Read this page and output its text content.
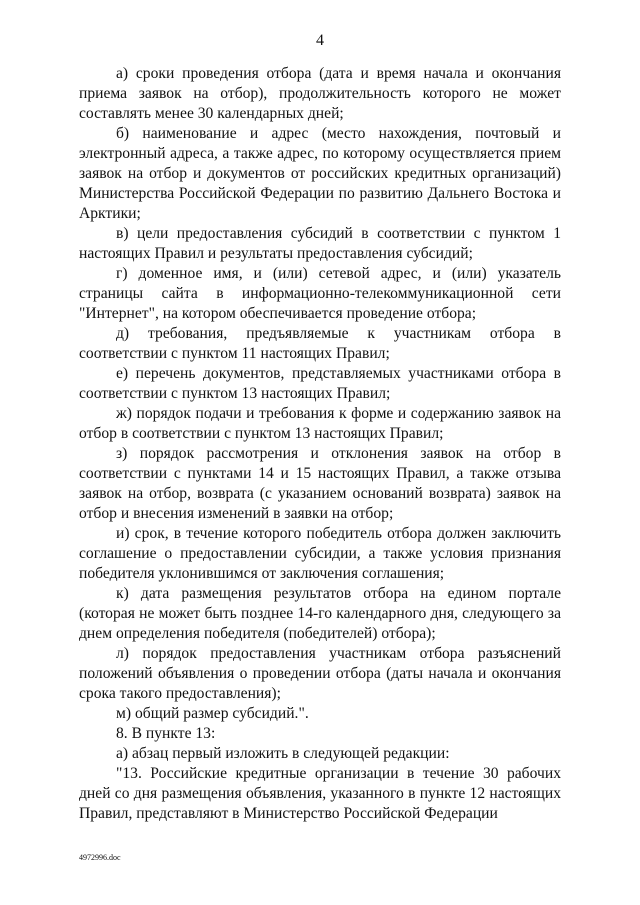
4

а) сроки проведения отбора (дата и время начала и окончания приема заявок на отбор), продолжительность которого не может составлять менее 30 календарных дней;

б) наименование и адрес (место нахождения, почтовый и электронный адреса, а также адрес, по которому осуществляется прием заявок на отбор и документов от российских кредитных организаций) Министерства Российской Федерации по развитию Дальнего Востока и Арктики;

в) цели предоставления субсидий в соответствии с пунктом 1 настоящих Правил и результаты предоставления субсидий;

г) доменное имя, и (или) сетевой адрес, и (или) указатель страницы сайта в информационно-телекоммуникационной сети "Интернет", на котором обеспечивается проведение отбора;

д) требования, предъявляемые к участникам отбора в соответствии с пунктом 11 настоящих Правил;

е) перечень документов, представляемых участниками отбора в соответствии с пунктом 13 настоящих Правил;

ж) порядок подачи и требования к форме и содержанию заявок на отбор в соответствии с пунктом 13 настоящих Правил;

з) порядок рассмотрения и отклонения заявок на отбор в соответствии с пунктами 14 и 15 настоящих Правил, а также отзыва заявок на отбор, возврата (с указанием оснований возврата) заявок на отбор и внесения изменений в заявки на отбор;

и) срок, в течение которого победитель отбора должен заключить соглашение о предоставлении субсидии, а также условия признания победителя уклонившимся от заключения соглашения;

к) дата размещения результатов отбора на едином портале (которая не может быть позднее 14-го календарного дня, следующего за днем определения победителя (победителей) отбора);

л) порядок предоставления участникам отбора разъяснений положений объявления о проведении отбора (даты начала и окончания срока такого предоставления);

м) общий размер субсидий.".

8. В пункте 13:

а) абзац первый изложить в следующей редакции:

"13. Российские кредитные организации в течение 30 рабочих дней со дня размещения объявления, указанного в пункте 12 настоящих Правил, представляют в Министерство Российской Федерации

4972996.doc
